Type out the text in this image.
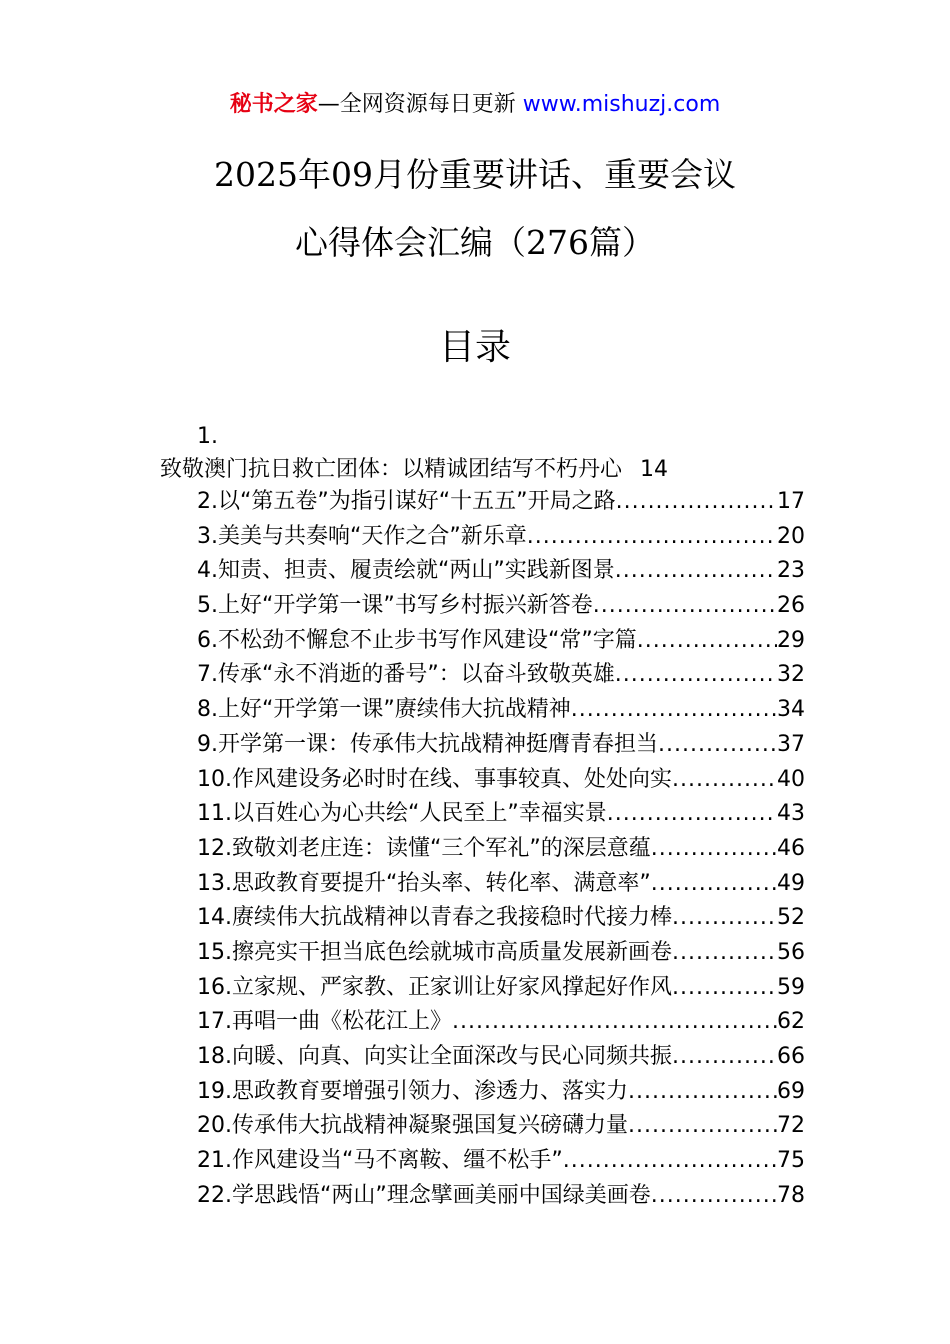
秘书之家—全网资源每日更新 www.mishuzj.com
2025年09月份重要讲话、重要会议
心得体会汇编（276篇）
目录
1.
致敬澳门抗日救亡团体：以精诚团结写不朽丹心 14
2.以“第五卷”为指引谋好“十五五”开局之路 .....	17
3.美美与共奏响“天作之合”新乐章 .....	20
4.知责、担责、履责绘就“两山”实践新图景 .....	23
5.上好“开学第一课”书写乡村振兴新答卷 .....	26
6.不松劲不懈怠不止步书写作风建设“常”字篇 .....	29
7.传承“永不消逝的番号”：以奋斗致敬英雄 .....	32
8.上好“开学第一课”赓续伟大抗战精神 .....	34
9.开学第一课：传承伟大抗战精神挺膺青春担当 .....	37
10.作风建设务必时时在线、事事较真、处处向实 .....	40
11.以百姓心为心共绘“人民至上”幸福实景 .....	43
12.致敬刘老庄连：读懂“三个军礼”的深层意蕴 .....	46
13.思政教育要提升“抬头率、转化率、满意率” .....	49
14.赓续伟大抗战精神以青春之我接稳时代接力棒 .....	52
15.擦亮实干担当底色绘就城市高质量发展新画卷 .....	56
16.立家规、严家教、正家训让好家风撑起好作风 .....	59
17.再唱一曲《松花江上》 .....	62
18.向暖、向真、向实让全面深改与民心同频共振 .....	66
19.思政教育要增强引领力、渗透力、落实力 .....	69
20.传承伟大抗战精神凝聚强国复兴磅礴力量 .....	72
21.作风建设当“马不离鞍、缰不松手” .....	75
22.学思践悟“两山”理念擘画美丽中国绿美画卷 .....	78
